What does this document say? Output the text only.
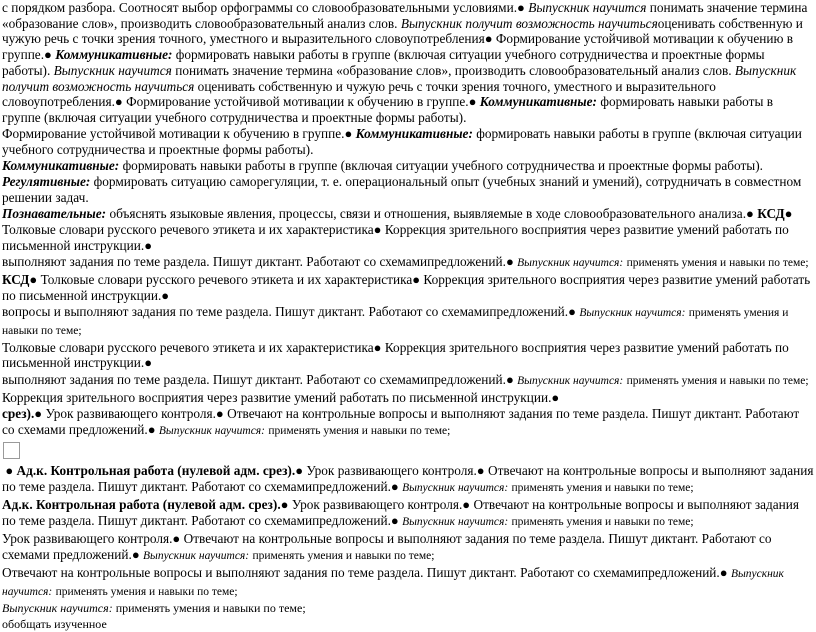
с порядком разбора. Соотносят выбор орфограммы со словообразовательными условиями.● Выпускник научится понимать значение термина «образование слов», производить словообразовательный анализ слов. Выпускник получит возможность научитьсяоценивать собственную и чужую речь с точки зрения точного, уместного и выразительного словоупотребления● Формирование устойчивой мотивации к обучению в группе.● Коммуникативные: формировать навыки работы в группе (включая ситуации учебного сотрудничества и проектные формы работы). Выпускник научится понимать значение термина «образование слов», производить словообразовательный анализ слов. Выпускник получит возможность научиться оценивать собственную и чужую речь с точки зрения точного, уместного и выразительного словоупотребления.● Формирование устойчивой мотивации к обучению в группе.● Коммуникативные: формировать навыки работы в группе (включая ситуации учебного сотрудничества и проектные формы работы).

Формирование устойчивой мотивации к обучению в группе.● Коммуникативные: формировать навыки работы в группе (включая ситуации учебного сотрудничества и проектные формы работы).

Коммуникативные: формировать навыки работы в группе (включая ситуации учебного сотрудничества и проектные формы работы).

Регулятивные: формировать ситуацию саморегуляции, т. е. операциональный опыт (учебных знаний и умений), сотрудничать в совместном решении задач.

Познавательные: объяснять языковые явления, процессы, связи и отношения, выявляемые в ходе словообразовательного анализа.● КСД● Толковые словари русского речевого этикета и их характеристика● Коррекция зрительного восприятия через развитие умений работать по письменной инструкции.●

выполняют задания по теме раздела. Пишут диктант. Работают со схемамипредложений.● Выпускник научится: применять умения и навыки по теме;

КСД● Толковые словари русского речевого этикета и их характеристика● Коррекция зрительного восприятия через развитие умений работать по письменной инструкции.●

вопросы и выполняют задания по теме раздела. Пишут диктант. Работают со схемамипредложений.● Выпускник научится: применять умения и навыки по теме;

Толковые словари русского речевого этикета и их характеристика● Коррекция зрительного восприятия через развитие умений работать по письменной инструкции.●

выполняют задания по теме раздела. Пишут диктант. Работают со схемамипредложений.● Выпускник научится: применять умения и навыки по теме;

Коррекция зрительного восприятия через развитие умений работать по письменной инструкции.●

срез).● Урок развивающего контроля.● Отвечают на контрольные вопросы и выполняют задания по теме раздела. Пишут диктант. Работают со схемами предложений.● Выпускник научится: применять умения и навыки по теме;

● Ад.к. Контрольная работа (нулевой адм. срез).● Урок развивающего контроля.● Отвечают на контрольные вопросы и выполняют задания по теме раздела. Пишут диктант. Работают со схемамипредложений.● Выпускник научится: применять умения и навыки по теме;

Ад.к. Контрольная работа (нулевой адм. срез).● Урок развивающего контроля.● Отвечают на контрольные вопросы и выполняют задания по теме раздела. Пишут диктант. Работают со схемамипредложений.● Выпускник научится: применять умения и навыки по теме;

Урок развивающего контроля.● Отвечают на контрольные вопросы и выполняют задания по теме раздела. Пишут диктант. Работают со схемами предложений.● Выпускник научится: применять умения и навыки по теме;

Отвечают на контрольные вопросы и выполняют задания по теме раздела. Пишут диктант. Работают со схемамипредложений.● Выпускник научится: применять умения и навыки по теме;

Выпускник научится: применять умения и навыки по теме;

обобщать изученное
